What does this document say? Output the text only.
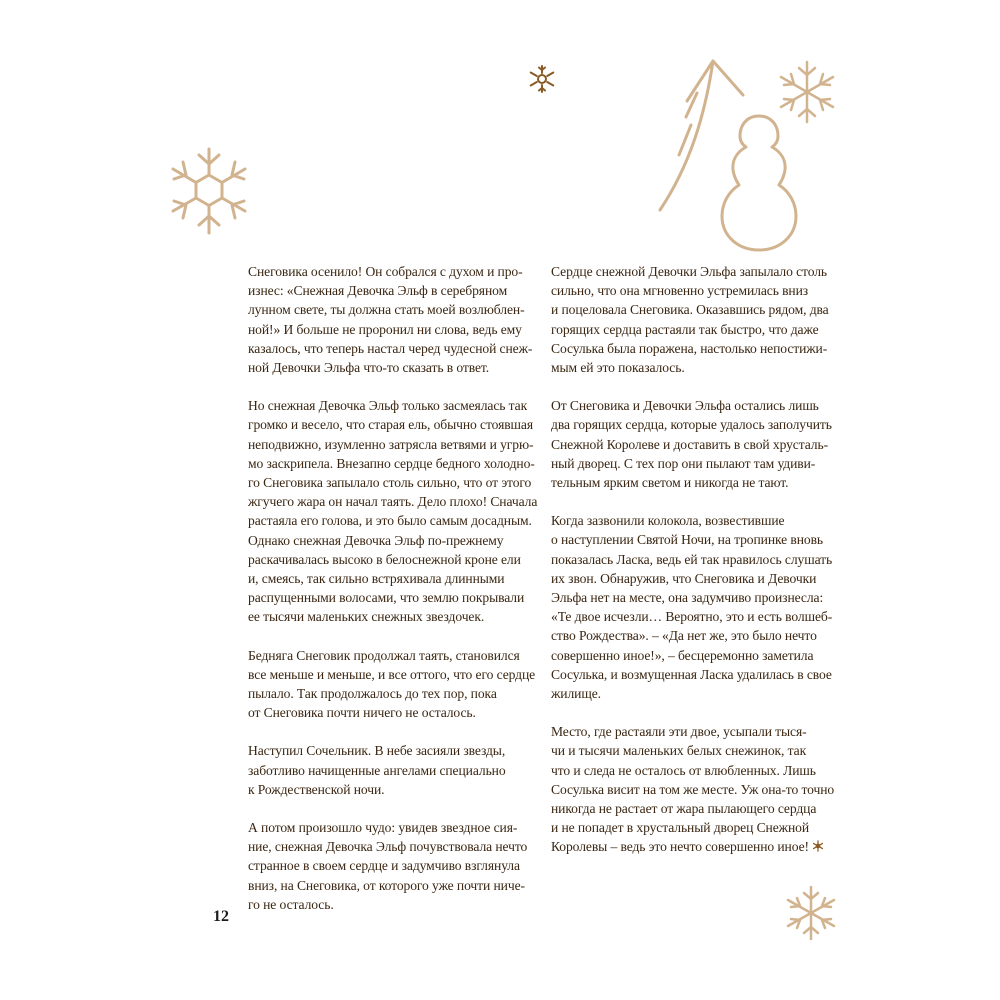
Снеговика осенило! Он собрался с духом и про-
изнес: «Снежная Девочка Эльф в серебряном
лунном свете, ты должна стать моей возлюблен-
ной!» И больше не проронил ни слова, ведь ему
казалось, что теперь настал черед чудесной снеж-
ной Девочки Эльфа что-то сказать в ответ.
Но снежная Девочка Эльф только засмеялась так
громко и весело, что старая ель, обычно стоявшая
неподвижно, изумленно затрясла ветвями и угрю-
мо заскрипела. Внезапно сердце бедного холодно-
го Снеговика запылало столь сильно, что от этого
жгучего жара он начал таять. Дело плохо! Сначала
растаяла его голова, и это было самым досадным.
Однако снежная Девочка Эльф по-прежнему
раскачивалась высоко в белоснежной кроне ели
и, смеясь, так сильно встряхивала длинными
распущенными волосами, что землю покрывали
ее тысячи маленьких снежных звездочек.
Бедняга Снеговик продолжал таять, становился
все меньше и меньше, и все оттого, что его сердце
пылало. Так продолжалось до тех пор, пока
от Снеговика почти ничего не осталось.
Наступил Сочельник. В небе засияли звезды,
заботливо начищенные ангелами специально
к Рождественской ночи.
А потом произошло чудо: увидев звездное сия-
ние, снежная Девочка Эльф почувствовала нечто
странное в своем сердце и задумчиво взглянула
вниз, на Снеговика, от которого уже почти ниче-
го не осталось.
Сердце снежной Девочки Эльфа запылало столь
сильно, что она мгновенно устремилась вниз
и поцеловала Снеговика. Оказавшись рядом, два
горящих сердца растаяли так быстро, что даже
Сосулька была поражена, настолько непостижи-
мым ей это показалось.
От Снеговика и Девочки Эльфа остались лишь
два горящих сердца, которые удалось заполучить
Снежной Королеве и доставить в свой хрусталь-
ный дворец. С тех пор они пылают там удиви-
тельным ярким светом и никогда не тают.
Когда зазвонили колокола, возвестившие
о наступлении Святой Ночи, на тропинке вновь
показалась Ласка, ведь ей так нравилось слушать
их звон. Обнаружив, что Снеговика и Девочки
Эльфа нет на месте, она задумчиво произнесла:
«Те двое исчезли… Вероятно, это и есть волшеб-
ство Рождества». – «Да нет же, это было нечто
совершенно иное!», – бесцеремонно заметила
Сосулька, и возмущенная Ласка удалилась в свое
жилище.
Место, где растаяли эти двое, усыпали тыся-
чи и тысячи маленьких белых снежинок, так
что и следа не осталось от влюбленных. Лишь
Сосулька висит на том же месте. Уж она-то точно
никогда не растает от жара пылающего сердца
и не попадет в хрустальный дворец Снежной
Королевы – ведь это нечто совершенно иное!
12
